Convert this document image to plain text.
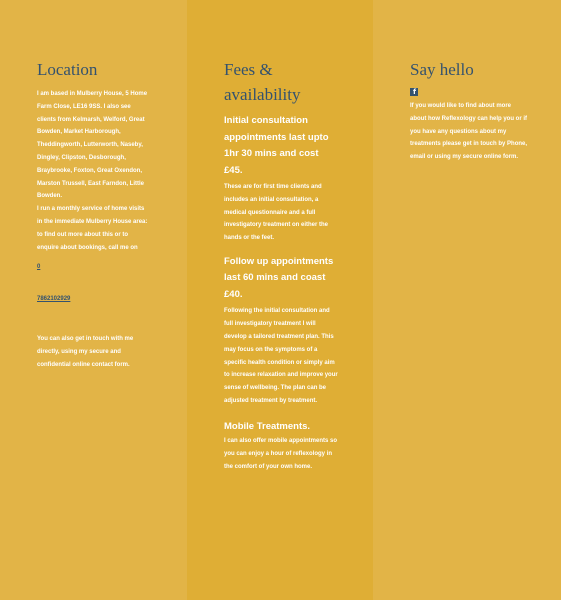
Location

I am based in Mulberry House, 5 Home Farm Close, LE16 9SS. I also see clients from Kelmarsh, Welford, Great Bowden, Market Harborough, Theddingworth, Lutterworth, Naseby, Dingley, Clipston, Desborough, Braybrooke, Foxton, Great Oxendon, Marston Trussell, East Farndon, Little Bowden.

I run a monthly service of home visits in the immediate Mulberry House area: to find out more about this or to enquire about bookings, call me on

0
7862102929

You can also get in touch with me directly, using my secure and confidential online contact form.

Fees & availability
Initial consultation appointments last upto 1hr 30 mins and cost £45.

These are for first time clients and includes an initial consultation, a medical questionnaire and a full investigatory treatment on either the hands or the feet.

Follow up appointments last 60 mins and coast £40.

Following the initial consultation and full investigatory treatment I will develop a tailored treatment plan. This may focus on the symptoms of a specific health condition or simply aim to increase relaxation and improve your sense of wellbeing. The plan can be adjusted treatment by treatment.

Mobile Treatments.

I can also offer mobile appointments so you can enjoy a hour of reflexology in the comfort of your own home.

Say hello
f

If you would like to find about more about how Reflexology can help you or if you have any questions about my treatments please get in touch by Phone, email or using my secure online form.
